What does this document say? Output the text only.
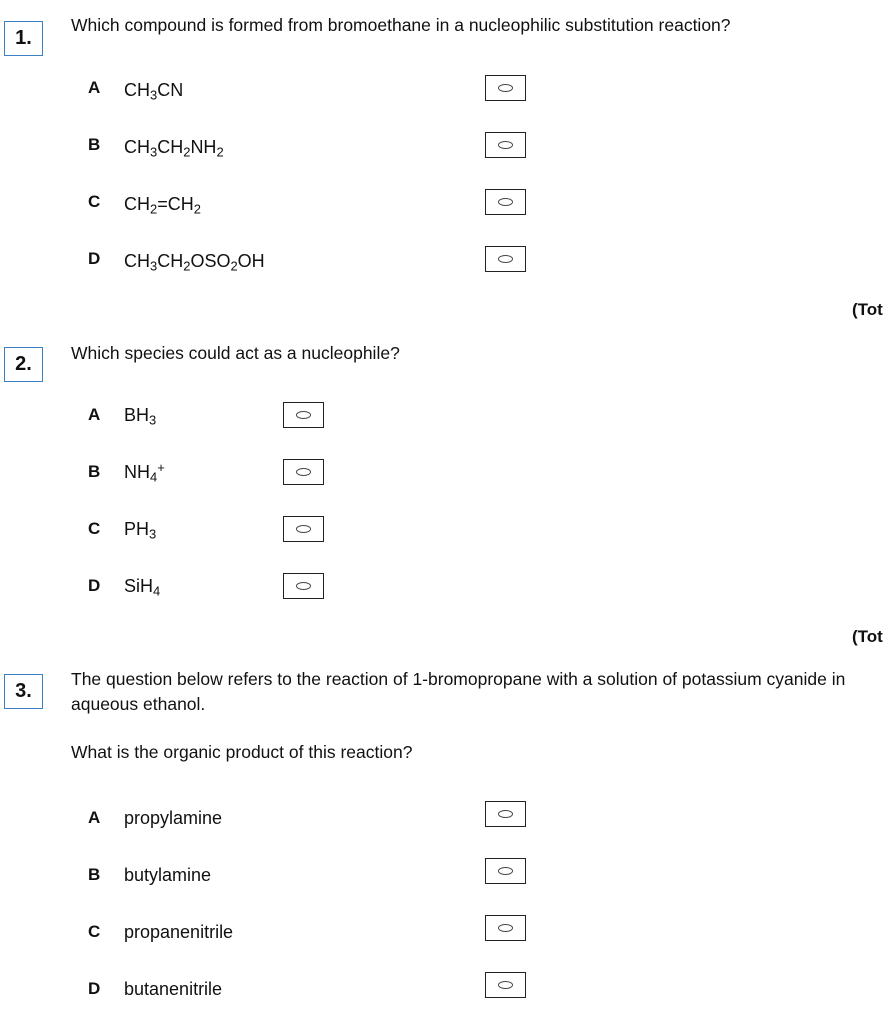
1.
Which compound is formed from bromoethane in a nucleophilic substitution reaction?
A $CH_3CN$
B $CH_3CH_2NH_2$
C $CH_2=CH_2$
D $CH_3CH_2OSO_2OH$
(Tot
2.	Which species could act as a nucleophile?
A $BH_3$
B $NH_4^+$
C $PH_3$
D SiH$_4$
(Tot
3.
The question below refers to the reaction of 1-bromopropane with a solution of potassium cyanide in aqueous ethanol.
What is the organic product of this reaction?
A propylamine
B butylamine
C propanenitrile
D butanenitrile
